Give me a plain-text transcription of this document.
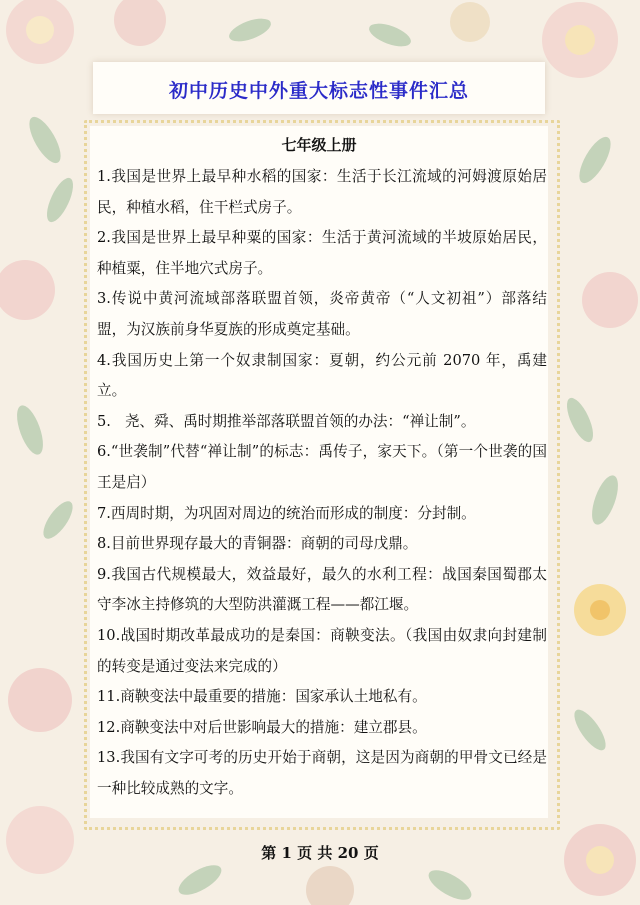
初中历史中外重大标志性事件汇总
七年级上册
1.我国是世界上最早种水稻的国家：生活于长江流域的河姆渡原始居民，种植水稻，住干栏式房子。
2.我国是世界上最早种粟的国家：生活于黄河流域的半坡原始居民，种植粟，住半地穴式房子。
3.传说中黄河流域部落联盟首领，炎帝黄帝（“人文初祖”）部落结盟，为汉族前身华夏族的形成奠定基础。
4.我国历史上第一个奴隶制国家：夏朝，约公元前 2070 年，禹建立。
5.   尧、舜、禹时期推举部落联盟首领的办法：“禅让制”。
6.“世袭制”代替“禅让制”的标志：禹传子，家天下。（第一个世袭的国王是启）
7.西周时期，为巩固对周边的统治而形成的制度：分封制。
8.目前世界现存最大的青铜器：商朝的司母戊鼎。
9.我国古代规模最大，效益最好，最久的水利工程：战国秦国蜀郡太守李冰主持修筑的大型防洪灌溉工程——都江堰。
10.战国时期改革最成功的是秦国：商鞅变法。（我国由奴隶向封建制的转变是通过变法来完成的）
11.商鞅变法中最重要的措施：国家承认土地私有。
12.商鞅变法中对后世影响最大的措施：建立郡县。
13.我国有文字可考的历史开始于商朝，这是因为商朝的甲骨文已经是一种比较成熟的文字。
第 1 页 共 20 页
